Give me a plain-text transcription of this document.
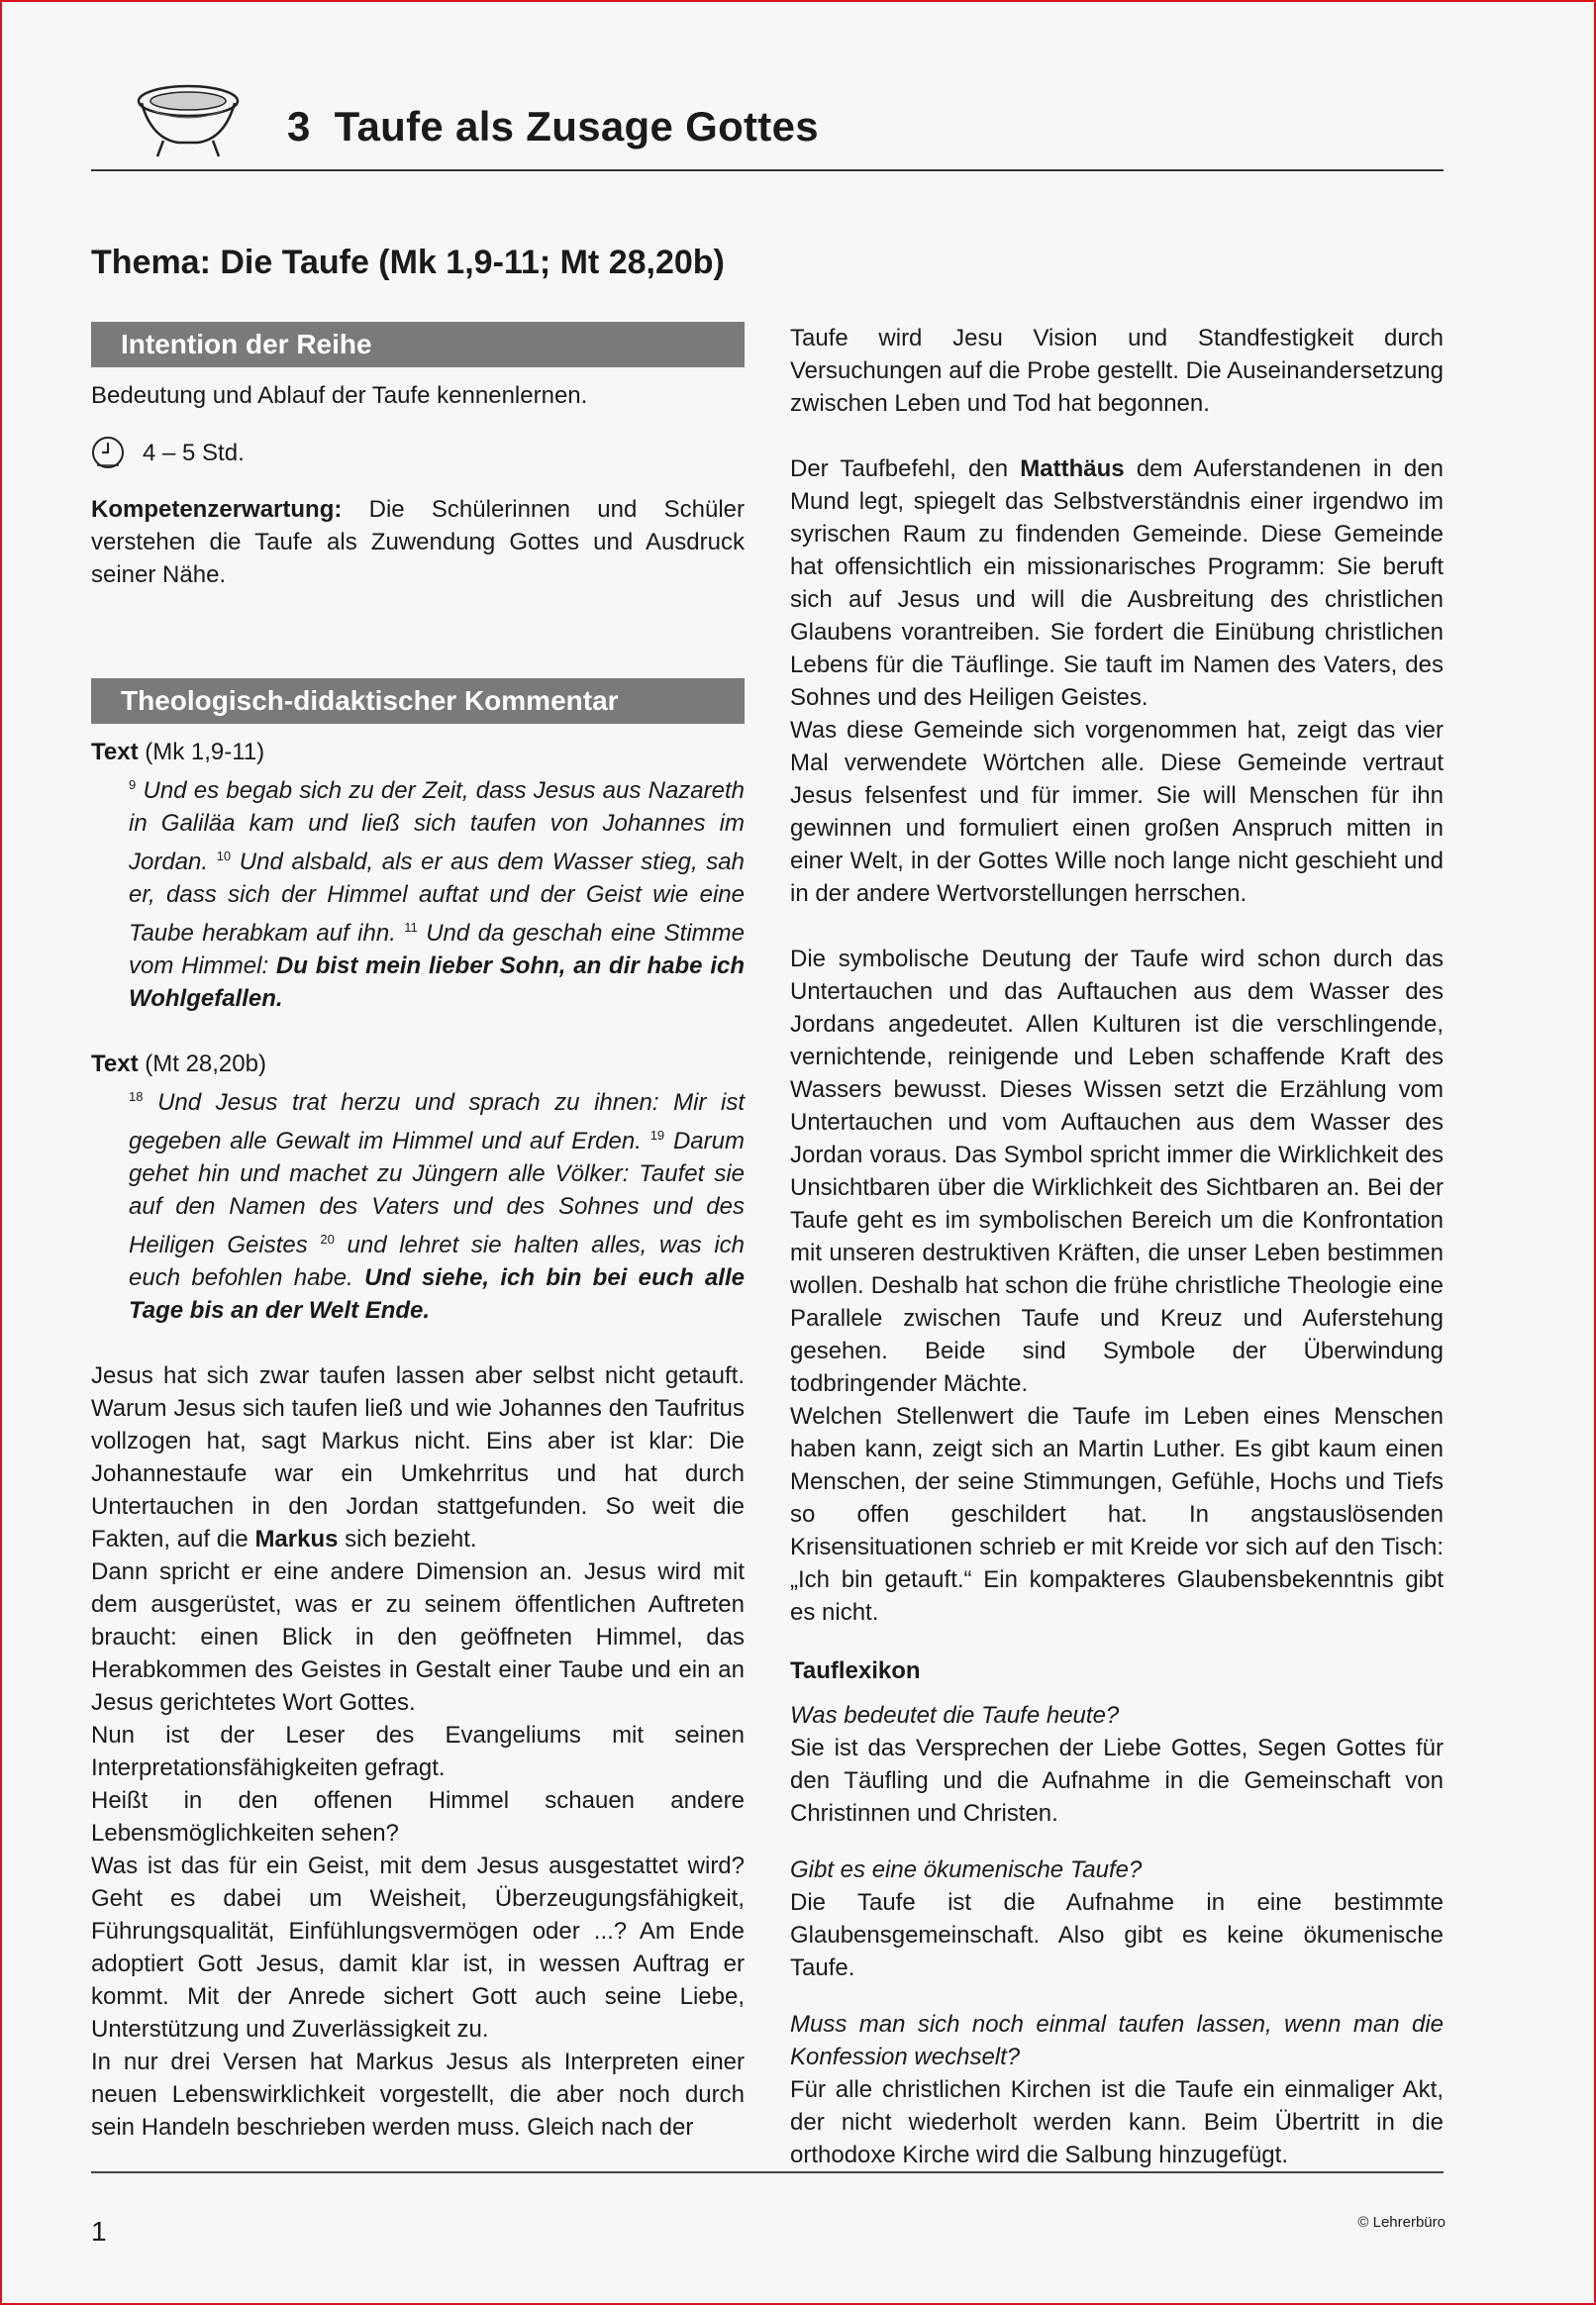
3 Taufe als Zusage Gottes
Thema: Die Taufe (Mk 1,9-11; Mt 28,20b)
Intention der Reihe

Bedeutung und Ablauf der Taufe kennenlernen.

4 – 5 Std.

Kompetenzerwartung: Die Schülerinnen und Schüler verstehen die Taufe als Zuwendung Gottes und Ausdruck seiner Nähe.

Theologisch-didaktischer Kommentar

Text (Mk 1,9-11)

$^9$ Und es begab sich zu der Zeit, dass Jesus aus Nazareth in Galiläa kam und ließ sich taufen von Johannes im Jordan. $^{10}$ Und alsbald, als er aus dem Wasser stieg, sah er, dass sich der Himmel auftat und der Geist wie eine Taube herabkam auf ihn. $^{11}$ Und da geschah eine Stimme vom Himmel: Du bist mein lieber Sohn, an dir habe ich Wohlgefallen.

Text (Mt 28,20b)

$^{18}$ Und Jesus trat herzu und sprach zu ihnen: Mir ist gegeben alle Gewalt im Himmel und auf Erden. $^{19}$ Darum gehet hin und machet zu Jüngern alle Völker: Taufet sie auf den Namen des Vaters und des Sohnes und des Heiligen Geistes $^{20}$ und lehret sie halten alles, was ich euch befohlen habe. Und siehe, ich bin bei euch alle Tage bis an der Welt Ende.

Jesus hat sich zwar taufen lassen aber selbst nicht getauft. Warum Jesus sich taufen ließ und wie Johannes den Taufritus vollzogen hat, sagt Markus nicht. Eins aber ist klar: Die Johannestaufe war ein Umkehrritus und hat durch Untertauchen in den Jordan stattgefunden. So weit die Fakten, auf die Markus sich bezieht.

Dann spricht er eine andere Dimension an. Jesus wird mit dem ausgerüstet, was er zu seinem öffentlichen Auftreten braucht: einen Blick in den geöffneten Himmel, das Herabkommen des Geistes in Gestalt einer Taube und ein an Jesus gerichtetes Wort Gottes.

Nun ist der Leser des Evangeliums mit seinen Interpretationsfähigkeiten gefragt.

Heißt in den offenen Himmel schauen andere Lebensmöglichkeiten sehen?

Was ist das für ein Geist, mit dem Jesus ausgestattet wird? Geht es dabei um Weisheit, Überzeugungsfähigkeit, Führungsqualität, Einfühlungsvermögen oder ...? Am Ende adoptiert Gott Jesus, damit klar ist, in wessen Auftrag er kommt. Mit der Anrede sichert Gott auch seine Liebe, Unterstützung und Zuverlässigkeit zu.

In nur drei Versen hat Markus Jesus als Interpreten einer neuen Lebenswirklichkeit vorgestellt, die aber noch durch sein Handeln beschrieben werden muss. Gleich nach der

Taufe wird Jesu Vision und Standfestigkeit durch Versuchungen auf die Probe gestellt. Die Auseinandersetzung zwischen Leben und Tod hat begonnen.

Der Taufbefehl, den Matthäus dem Auferstandenen in den Mund legt, spiegelt das Selbstverständnis einer irgendwo im syrischen Raum zu findenden Gemeinde. Diese Gemeinde hat offensichtlich ein missionarisches Programm: Sie beruft sich auf Jesus und will die Ausbreitung des christlichen Glaubens vorantreiben. Sie fordert die Einübung christlichen Lebens für die Täuflinge. Sie tauft im Namen des Vaters, des Sohnes und des Heiligen Geistes.

Was diese Gemeinde sich vorgenommen hat, zeigt das vier Mal verwendete Wörtchen alle. Diese Gemeinde vertraut Jesus felsenfest und für immer. Sie will Menschen für ihn gewinnen und formuliert einen großen Anspruch mitten in einer Welt, in der Gottes Wille noch lange nicht geschieht und in der andere Wertvorstellungen herrschen.

Die symbolische Deutung der Taufe wird schon durch das Untertauchen und das Auftauchen aus dem Wasser des Jordans angedeutet. Allen Kulturen ist die verschlingende, vernichtende, reinigende und Leben schaffende Kraft des Wassers bewusst. Dieses Wissen setzt die Erzählung vom Untertauchen und vom Auftauchen aus dem Wasser des Jordan voraus. Das Symbol spricht immer die Wirklichkeit des Unsichtbaren über die Wirklichkeit des Sichtbaren an. Bei der Taufe geht es im symbolischen Bereich um die Konfrontation mit unseren destruktiven Kräften, die unser Leben bestimmen wollen. Deshalb hat schon die frühe christliche Theologie eine Parallele zwischen Taufe und Kreuz und Auferstehung gesehen. Beide sind Symbole der Überwindung todbringender Mächte.

Welchen Stellenwert die Taufe im Leben eines Menschen haben kann, zeigt sich an Martin Luther. Es gibt kaum einen Menschen, der seine Stimmungen, Gefühle, Hochs und Tiefs so offen geschildert hat. In angstauslösenden Krisensituationen schrieb er mit Kreide vor sich auf den Tisch: „Ich bin getauft.“ Ein kompakteres Glaubensbekenntnis gibt es nicht.

Tauflexikon

Was bedeutet die Taufe heute?

Sie ist das Versprechen der Liebe Gottes, Segen Gottes für den Täufling und die Aufnahme in die Gemeinschaft von Christinnen und Christen.

Gibt es eine ökumenische Taufe?

Die Taufe ist die Aufnahme in eine bestimmte Glaubensgemeinschaft. Also gibt es keine ökumenische Taufe.

Muss man sich noch einmal taufen lassen, wenn man die Konfession wechselt?

Für alle christlichen Kirchen ist die Taufe ein einmaliger Akt, der nicht wiederholt werden kann. Beim Übertritt in die orthodoxe Kirche wird die Salbung hinzugefügt.

1	© Lehrerbüro
